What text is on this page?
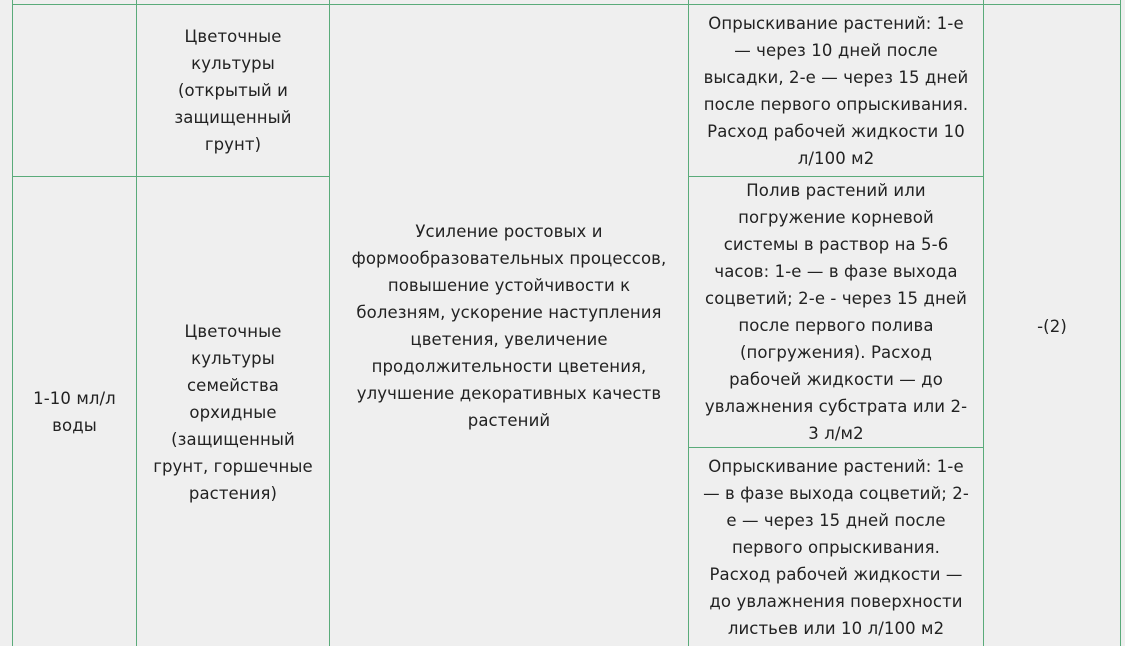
	Цветочные культуры (открытый и защищенный грунт)	Усиление ростовых и формообразовательных процессов, повышение устойчивости к болезням, ускорение наступления цветения, увеличение продолжительности цветения, улучшение декоративных качеств растений	Опрыскивание растений: 1-е — через 10 дней после высадки, 2-е — через 15 дней после первого опрыскивания. Расход рабочей жидкости 10 л/100 м2	-(2)
1-10 мл/л воды	Цветочные культуры семейства орхидные (защищенный грунт, горшечные растения)		Полив растений или погружение корневой системы в раствор на 5-6 часов: 1-е — в фазе выхода соцветий; 2-е - через 15 дней после первого полива (погружения). Расход рабочей жидкости — до увлажнения субстрата или 2-3 л/м2	
			Опрыскивание растений: 1-е — в фазе выхода соцветий; 2-е — через 15 дней после первого опрыскивания. Расход рабочей жидкости — до увлажнения поверхности листьев или 10 л/100 м2	
